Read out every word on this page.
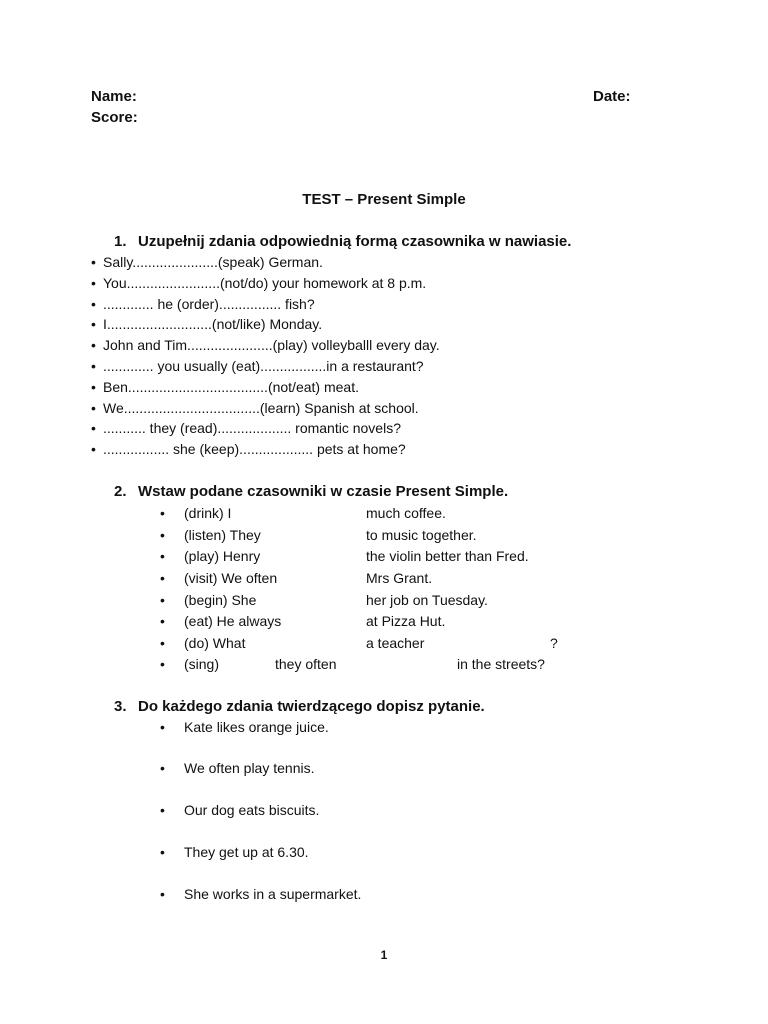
Name:	Date:
Score:
TEST – Present Simple
1. Uzupełnij zdania odpowiednią formą czasownika w nawiasie.
• Sally......................(speak) German.
• You........................(not/do) your homework at 8 p.m.
• ............. he (order)................ fish?
• I...........................(not/like) Monday.
• John and Tim......................(play) volleyballl every day.
• ............. you usually (eat).................in a restaurant?
• Ben....................................(not/eat) meat.
• We...................................(learn) Spanish at school.
• ........... they (read)................... romantic novels?
• ................. she (keep)................... pets at home?
2. Wstaw podane czasowniki w czasie Present Simple.
• (drink) I	much coffee.
• (listen) They	to music together.
• (play) Henry	the violin better than Fred.
• (visit) We often	Mrs Grant.
• (begin) She	her job on Tuesday.
• (eat) He always	at Pizza Hut.
• (do) What	a teacher	?
• (sing)	they often	in the streets?
3. Do każdego zdania twierdzącego dopisz pytanie.
• Kate likes orange juice.
• We often play tennis.
• Our dog eats biscuits.
• They get up at 6.30.
• She works in a supermarket.
1
